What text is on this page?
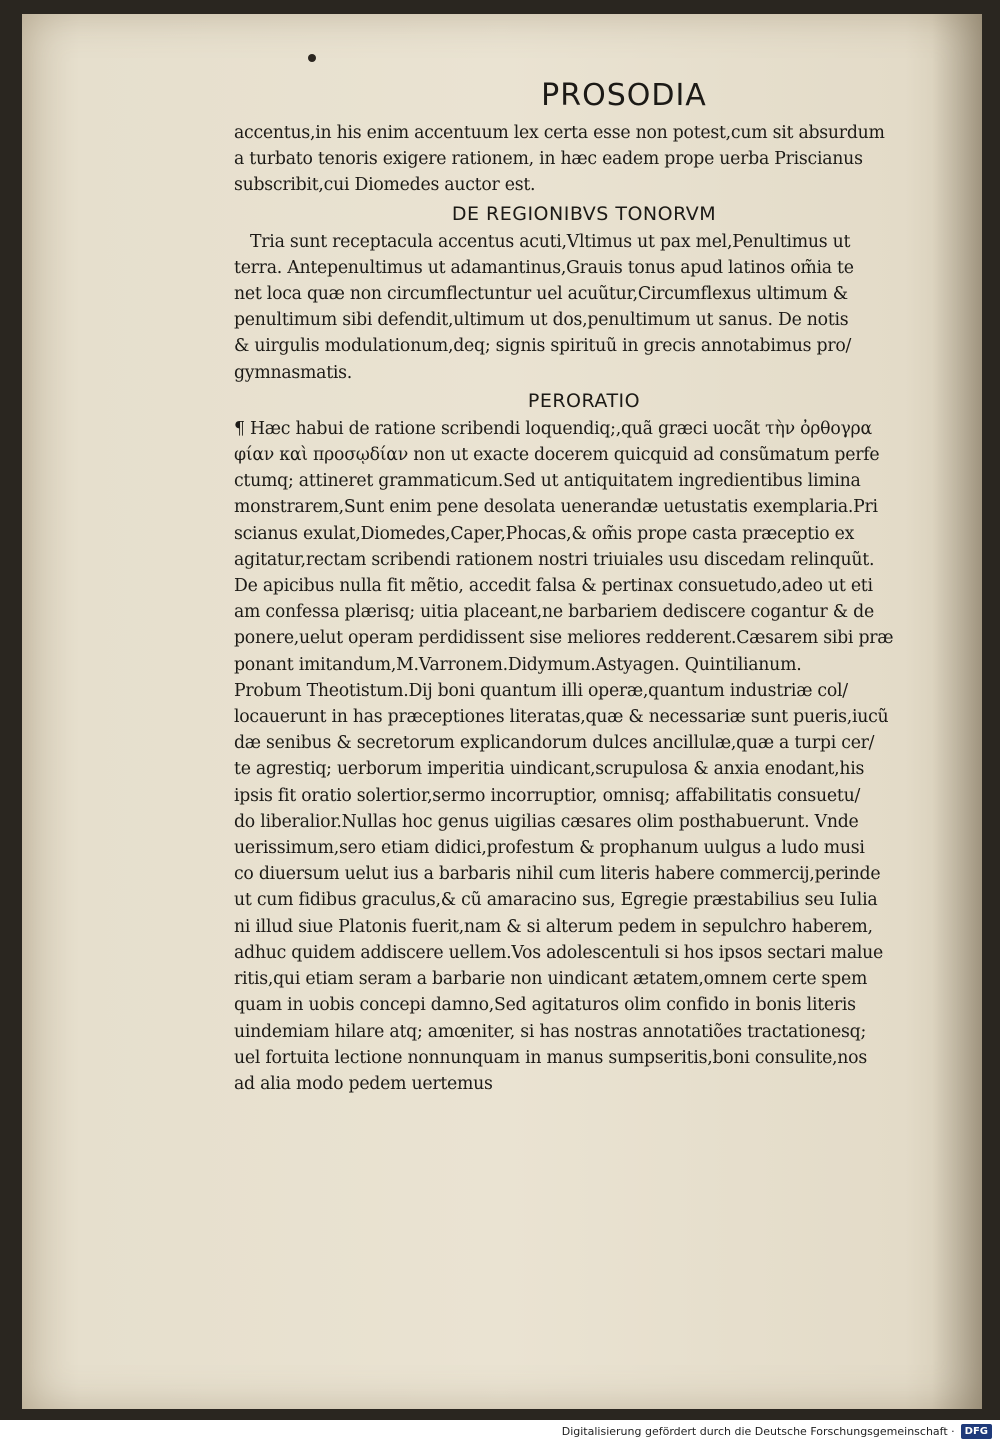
PROSODIA
accentus,in his enim accentuum lex certa esse non potest,cum sit absurdum
a turbato tenoris exigere rationem, in hæc eadem prope uerba Priscianus
subscribit,cui Diomedes auctor est.
DE REGIONIBVS TONORVM
Tria sunt receptacula accentus acuti,Vltimus ut pax mel,Penultimus ut
terra. Antepenultimus ut adamantinus,Grauis tonus apud latinos om̃ia te
net loca quæ non circumflectuntur uel acuũtur,Circumflexus ultimum &
penultimum sibi defendit,ultimum ut dos,penultimum ut sanus. De notis
& uirgulis modulationum,deq; signis spirituũ in grecis annotabimus pro/
gymnasmatis.
PERORATIO
¶ Hæc habui de ratione scribendi loquendiq;,quã græci uocãt τὴν ὀρθογρα
φίαν καὶ προσῳδίαν non ut exacte docerem quicquid ad consũmatum perfe
ctumq; attineret grammaticum.Sed ut antiquitatem ingredientibus limina
monstrarem,Sunt enim pene desolata uenerandæ uetustatis exemplaria.Pri
scianus exulat,Diomedes,Caper,Phocas,& om̃is prope casta præceptio ex
agitatur,rectam scribendi rationem nostri triuiales usu discedam relinquũt.
De apicibus nulla fit mẽtio, accedit falsa & pertinax consuetudo,adeo ut eti
am confessa plærisq; uitia placeant,ne barbariem dediscere cogantur & de
ponere,uelut operam perdidissent sise meliores redderent.Cæsarem sibi præ
ponant imitandum,M.Varronem.Didymum.Astyagen. Quintilianum.
Probum Theotistum.Dij boni quantum illi operæ,quantum industriæ col/
locauerunt in has præceptiones literatas,quæ & necessariæ sunt pueris,iucũ
dæ senibus & secretorum explicandorum dulces ancillulæ,quæ a turpi cer/
te agrestiq; uerborum imperitia uindicant,scrupulosa & anxia enodant,his
ipsis fit oratio solertior,sermo incorruptior, omnisq; affabilitatis consuetu/
do liberalior.Nullas hoc genus uigilias cæsares olim posthabuerunt. Vnde
uerissimum,sero etiam didici,profestum & prophanum uulgus a ludo musi
co diuersum uelut ius a barbaris nihil cum literis habere commercij,perinde
ut cum fidibus graculus,& cũ amaracino sus, Egregie præstabilius seu Iulia
ni illud siue Platonis fuerit,nam & si alterum pedem in sepulchro haberem,
adhuc quidem addiscere uellem.Vos adolescentuli si hos ipsos sectari malue
ritis,qui etiam seram a barbarie non uindicant ætatem,omnem certe spem
quam in uobis concepi damno,Sed agitaturos olim confido in bonis literis
uindemiam hilare atq; amœniter, si has nostras annotatiões tractationesq;
uel fortuita lectione nonnunquam in manus sumpseritis,boni consulite,nos
ad alia modo pedem uertemus
Digitalisierung gefördert durch die Deutsche Forschungsgemeinschaft ·	DFG
